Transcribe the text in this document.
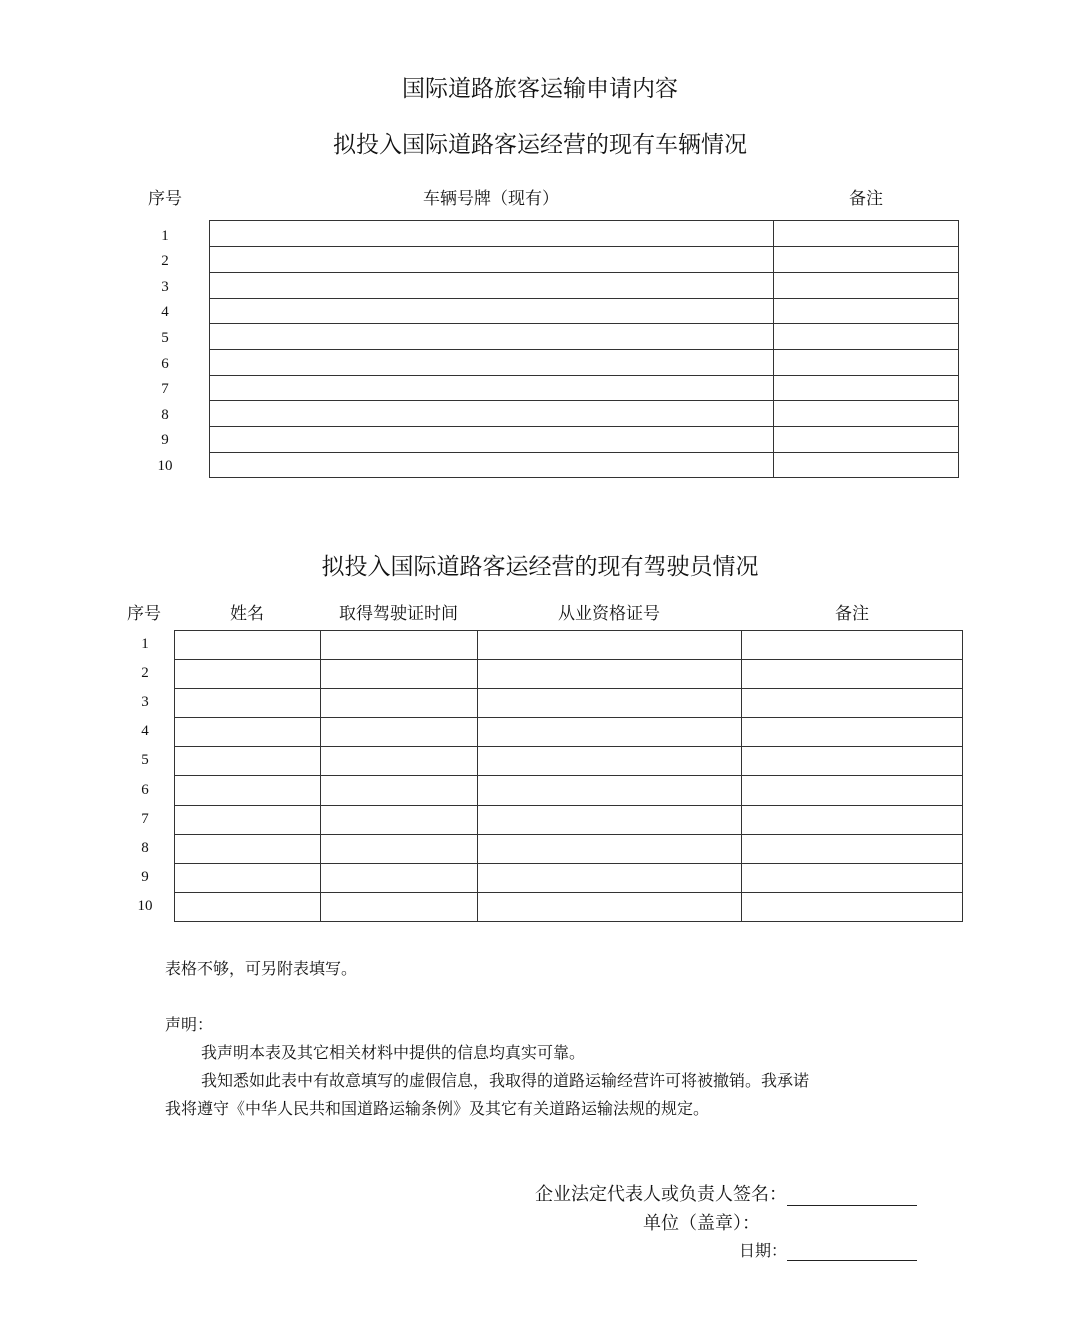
国际道路旅客运输申请内容
拟投入国际道路客运经营的现有车辆情况
序号	车辆号牌（现有）	备注
1
2
3
4
5
6
7
8
9
10
拟投入国际道路客运经营的现有驾驶员情况
序号	姓名	取得驾驶证时间	从业资格证号	备注
1
2
3
4
5
6
7
8
9
10
表格不够，可另附表填写。
声明：
我声明本表及其它相关材料中提供的信息均真实可靠。
我知悉如此表中有故意填写的虚假信息，我取得的道路运输经营许可将被撤销。我承诺
我将遵守《中华人民共和国道路运输条例》及其它有关道路运输法规的规定。
企业法定代表人或负责人签名：
单位（盖章）：
日期：
